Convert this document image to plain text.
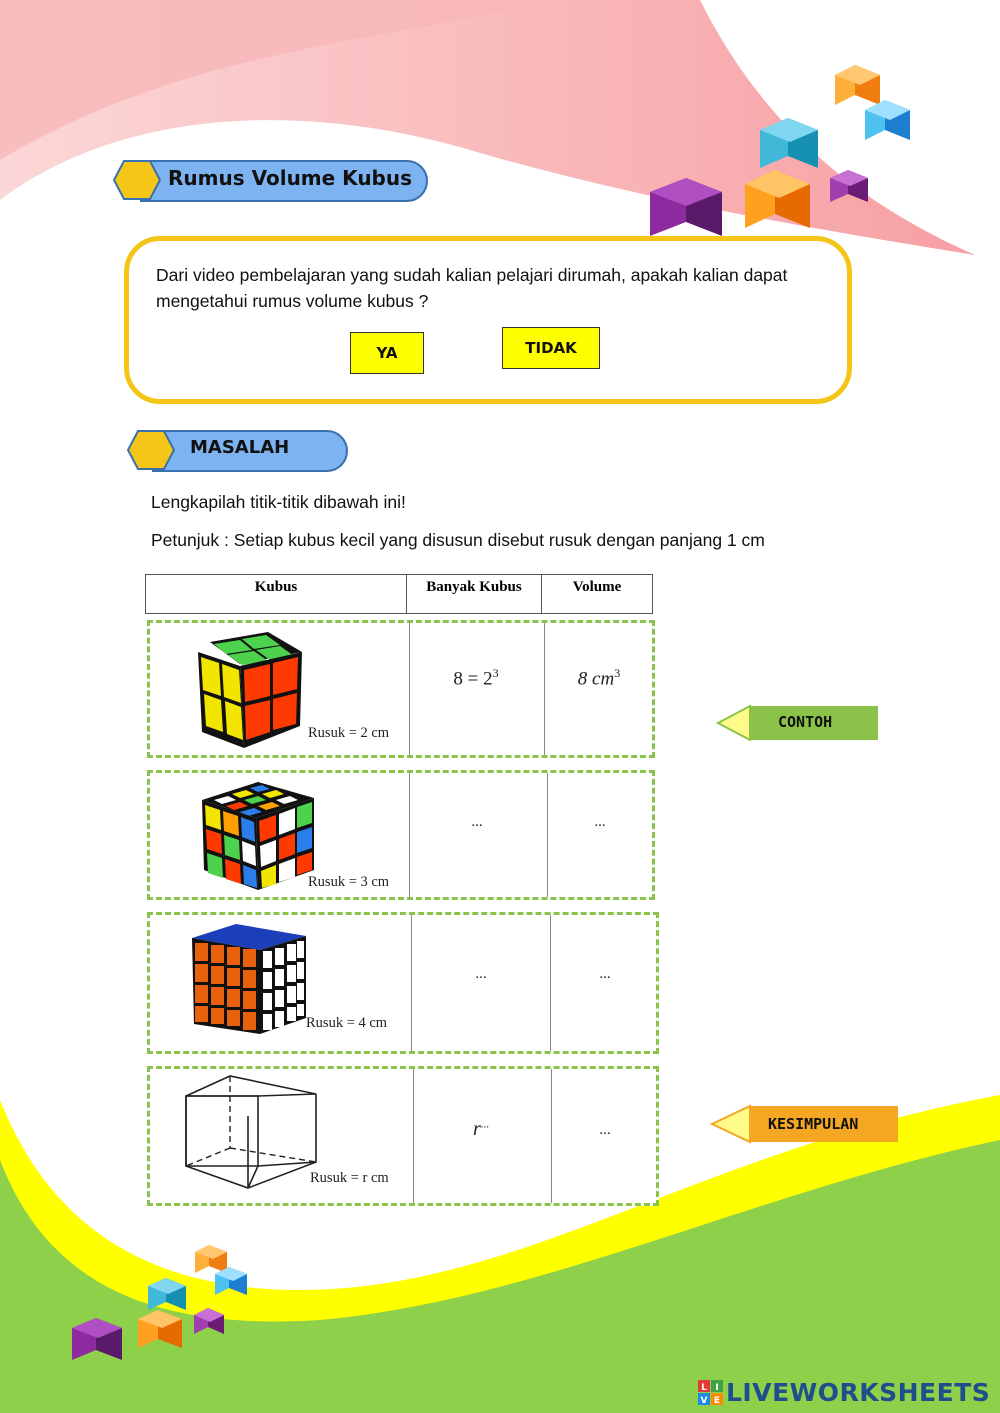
Rumus Volume Kubus
Dari video pembelajaran yang sudah kalian pelajari dirumah, apakah kalian dapat mengetahui rumus volume kubus ?
YA	TIDAK
MASALAH
Lengkapilah titik-titik dibawah ini!
Petunjuk : Setiap kubus kecil yang disusun disebut rusuk dengan panjang 1 cm
Kubus	Banyak Kubus	Volume
Rusuk = 2 cm
$8 = 2^3$	8 $cm^3$
Rusuk = 3 cm
...	...
Rusuk = 4 cm
...	...
Rusuk = r cm
r...	...
CONTOH
KESIMPULAN
L I
V E LIVEWORKSHEETS
